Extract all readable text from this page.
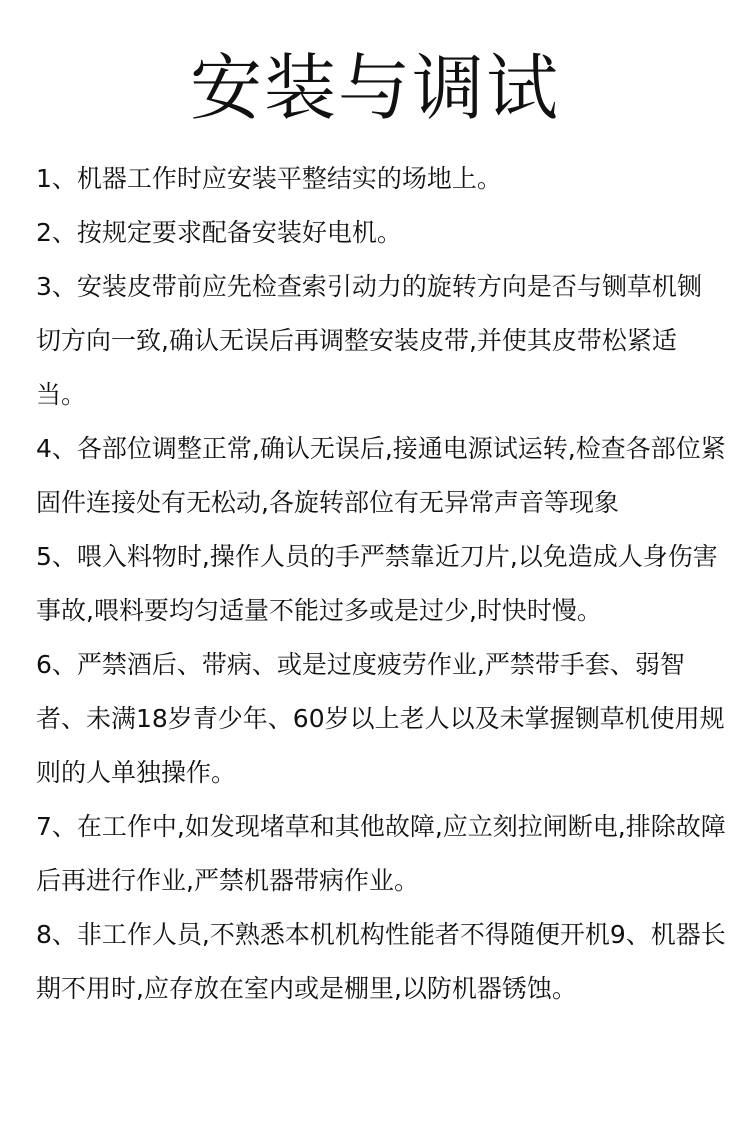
安装与调试
1、机器工作时应安装平整结实的场地上。
2、按规定要求配备安装好电机。
3、安装皮带前应先检查索引动力的旋转方向是否与铡草机铡切方向一致,确认无误后再调整安装皮带,并使其皮带松紧适当。
4、各部位调整正常,确认无误后,接通电源试运转,检查各部位紧固件连接处有无松动,各旋转部位有无异常声音等现象
5、喂入料物时,操作人员的手严禁靠近刀片,以免造成人身伤害事故,喂料要均匀适量不能过多或是过少,时快时慢。
6、严禁酒后、带病、或是过度疲劳作业,严禁带手套、弱智者、未满18岁青少年、60岁以上老人以及未掌握铡草机使用规则的人单独操作。
7、在工作中,如发现堵草和其他故障,应立刻拉闸断电,排除故障后再进行作业,严禁机器带病作业。
8、非工作人员,不熟悉本机机构性能者不得随便开机9、机器长期不用时,应存放在室内或是棚里,以防机器锈蚀。
